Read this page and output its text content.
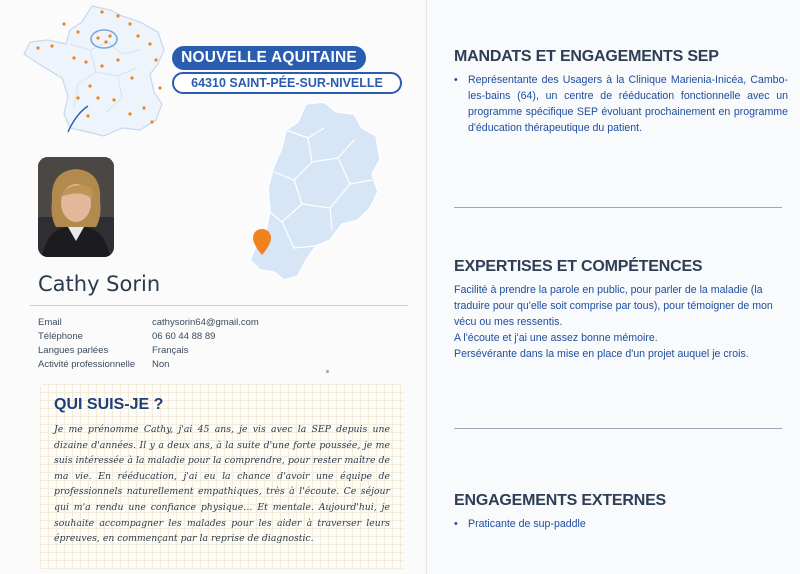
NOUVELLE AQUITAINE
64310 SAINT-PÉE-SUR-NIVELLE
Cathy Sorin
Email	cathysorin64@gmail.com
Téléphone	06 60 44 88 89
Langues parlées	Français
Activité professionnelle	Non
QUI SUIS-JE ?
Je me prénomme Cathy, j'ai 45 ans, je vis avec la SEP depuis une dizaine d'années. Il y a deux ans, à la suite d'une forte poussée, je me suis intéressée à la maladie pour la comprendre, pour rester maître de ma vie. En rééducation, j'ai eu la chance d'avoir une équipe de professionnels naturellement empathiques, très à l'écoute. Ce séjour qui m'a rendu une confiance physique… Et mentale. Aujourd'hui, je souhaite accompagner les malades pour les aider à traverser leurs épreuves, en commençant par la reprise de diagnostic.
MANDATS ET ENGAGEMENTS SEP
• Représentante des Usagers à la Clinique Marienia-Inicéa, Cambo-les-bains (64), un centre de rééducation fonctionnelle avec un programme spécifique SEP évoluant prochainement en programme d'éducation thérapeutique du patient.
EXPERTISES ET COMPÉTENCES
Facilité à prendre la parole en public, pour parler de la maladie (la traduire pour qu'elle soit comprise par tous), pour témoigner de mon vécu ou mes ressentis.
A l'écoute et j'ai une assez bonne mémoire.
Persévérante dans la mise en place d'un projet auquel je crois.
ENGAGEMENTS EXTERNES
• Praticante de sup-paddle
